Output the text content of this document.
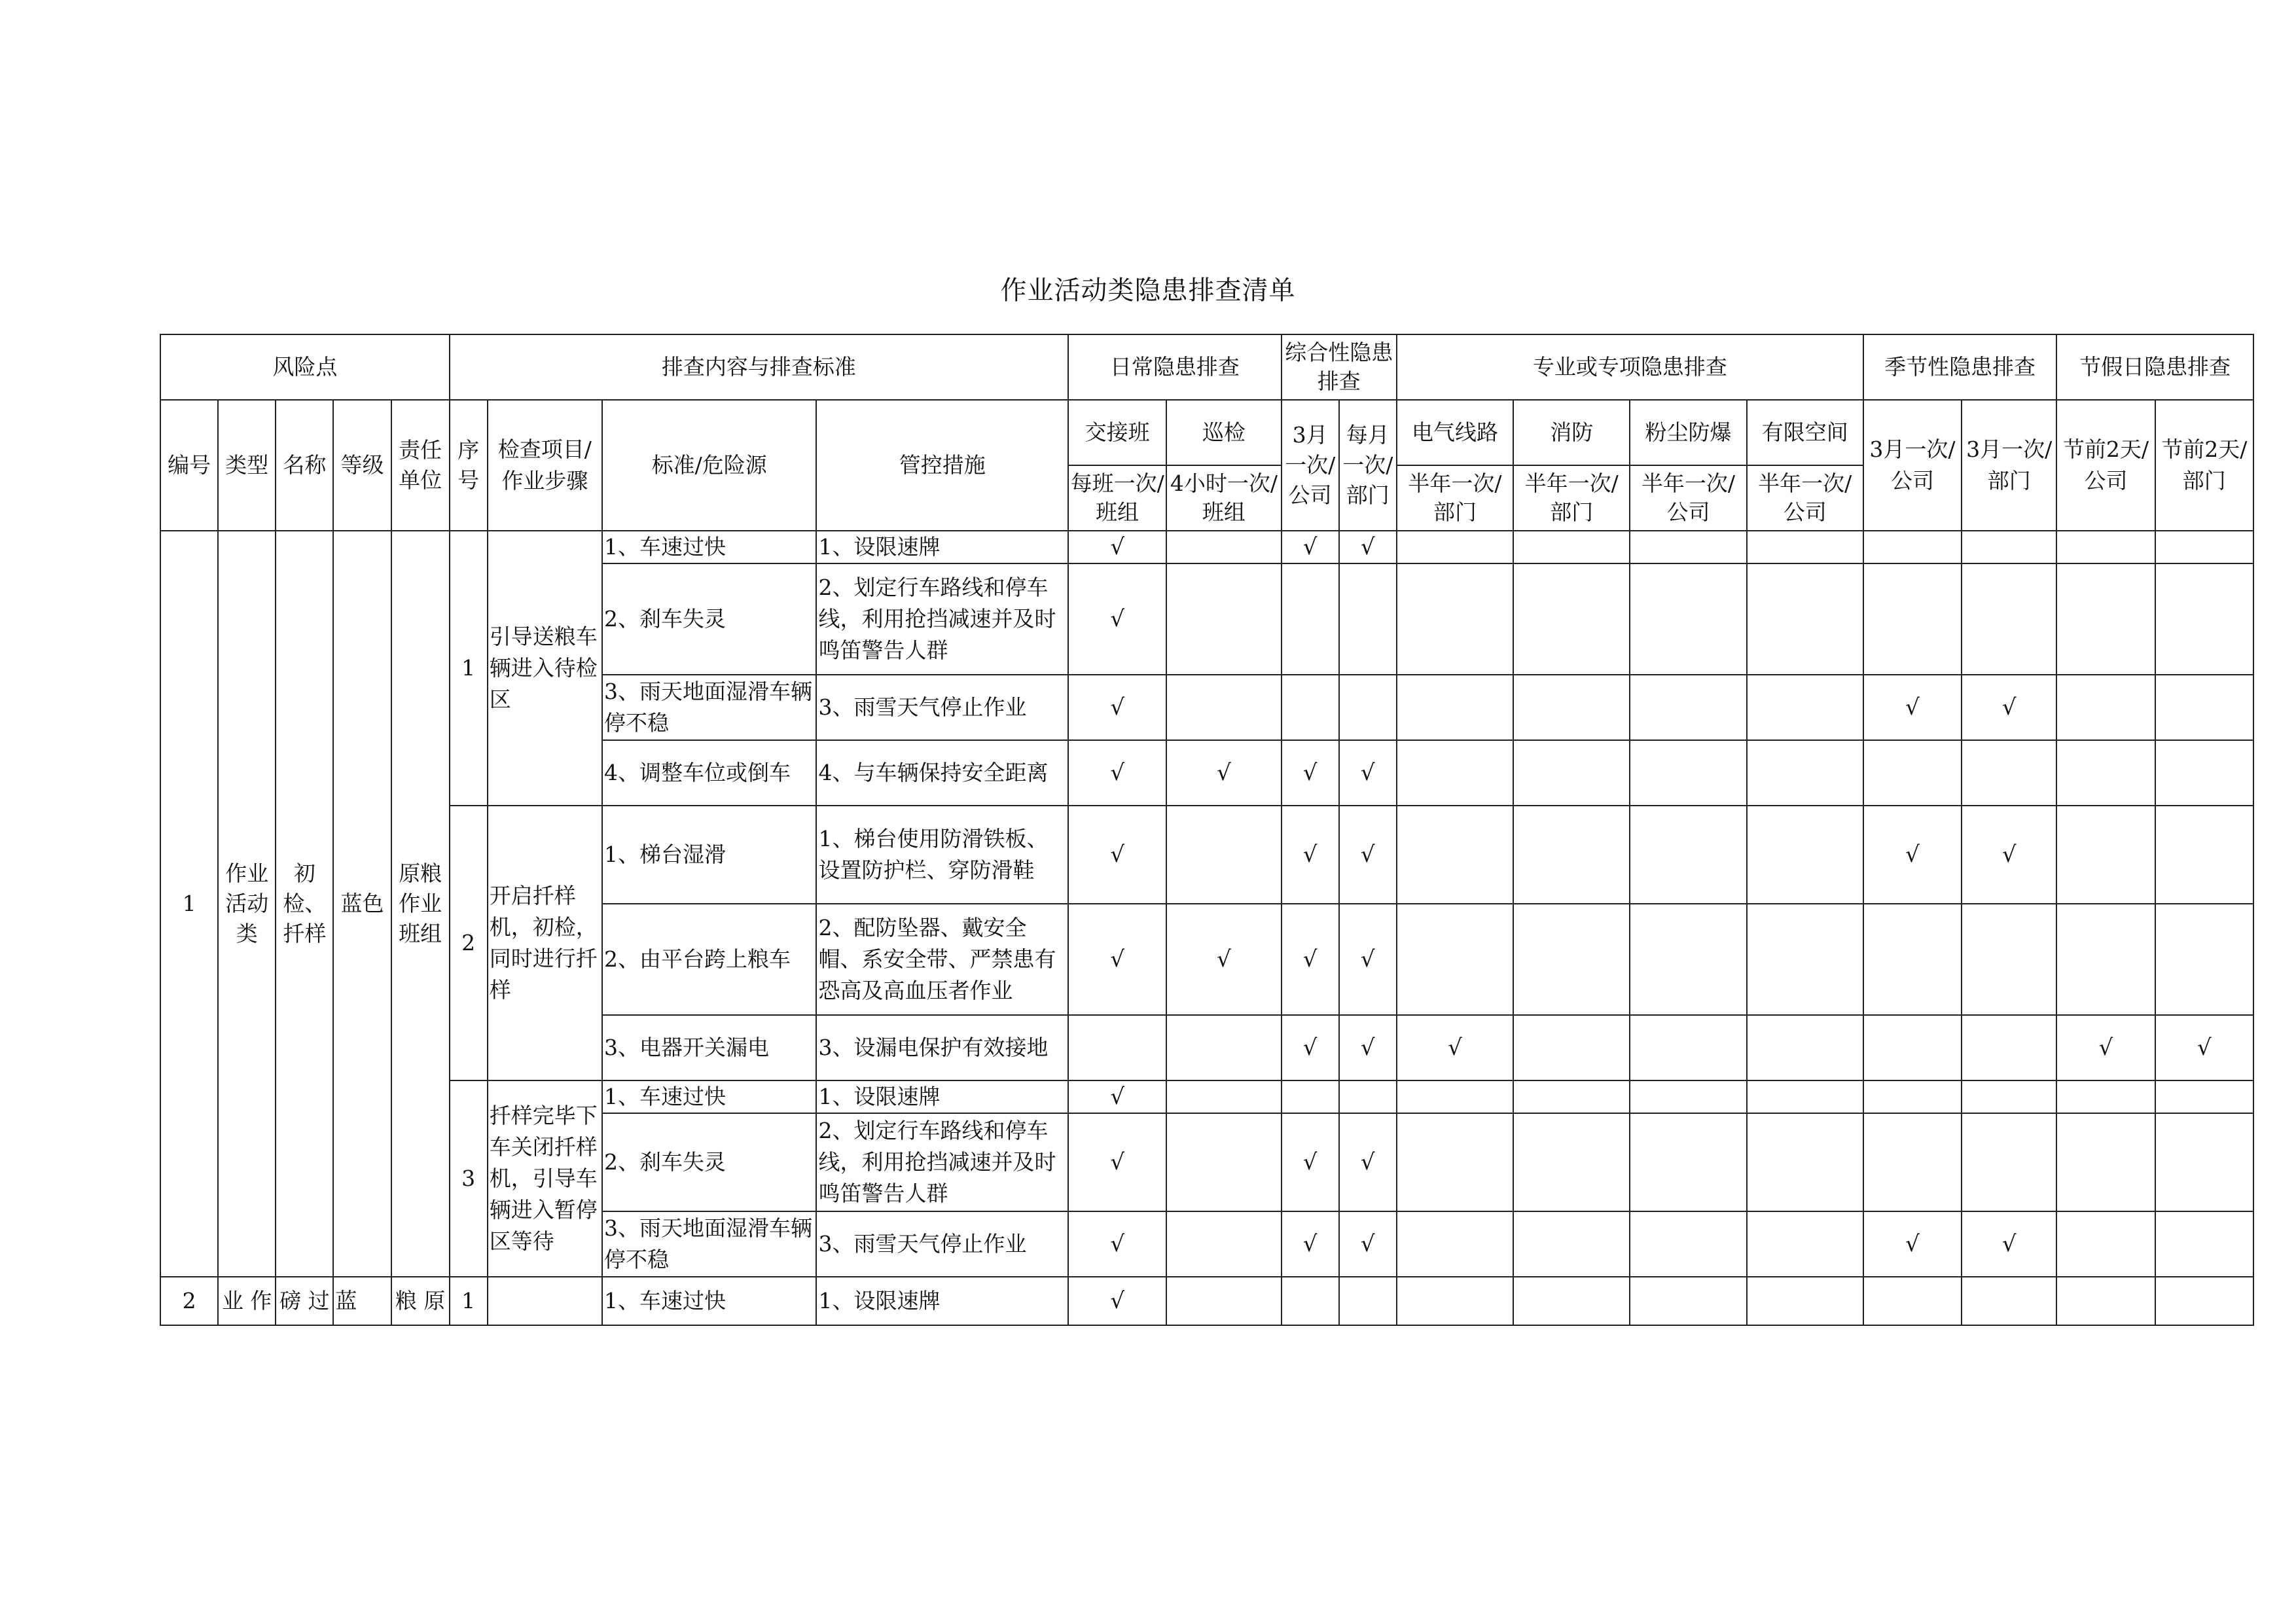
作业活动类隐患排查清单
风险点					排查内容与排查标准				日常隐患排查		综合性隐患排查		专业或专项隐患排查				季节性隐患排查		节假日隐患排查	
编号	类型	名称	等级	责任单位	序号	检查项目/作业步骤	标准/危险源	管控措施	交接班	巡检	3月一次/公司	每月一次/部门	电气线路	消防	粉尘防爆	有限空间	3月一次/公司	3月一次/部门	节前2天/公司	节前2天/部门
									每班一次/班组	4小时一次/班组			半年一次/部门	半年一次/部门	半年一次/公司	半年一次/公司				
1	作业活动类	初检、扦样	蓝色	原粮作业班组	1	引导送粮车辆进入待检区	1、车速过快	1、设限速牌	√		√	√								
							2、刹车失灵	2、划定行车路线和停车线，利用抢挡减速并及时鸣笛警告人群	√											
							3、雨天地面湿滑车辆停不稳	3、雨雪天气停止作业	√								√	√		
							4、调整车位或倒车	4、与车辆保持安全距离	√	√	√	√								
					2	开启扦样机，初检，同时进行扦样	1、梯台湿滑	1、梯台使用防滑铁板、设置防护栏、穿防滑鞋	√		√	√					√	√		
							2、由平台跨上粮车	2、配防坠器、戴安全帽、系安全带、严禁患有恐高及高血压者作业	√	√	√	√								
							3、电器开关漏电	3、设漏电保护有效接地			√	√	√						√	√
					3	扦样完毕下车关闭扦样机，引导车辆进入暂停区等待	1、车速过快	1、设限速牌	√											
							2、刹车失灵	2、划定行车路线和停车线，利用抢挡减速并及时鸣笛警告人群	√		√	√								
							3、雨天地面湿滑车辆停不稳	3、雨雪天气停止作业	√		√	√					√	√		
2	业 作	磅 过	蓝	粮 原	1		1、车速过快	1、设限速牌	√											
